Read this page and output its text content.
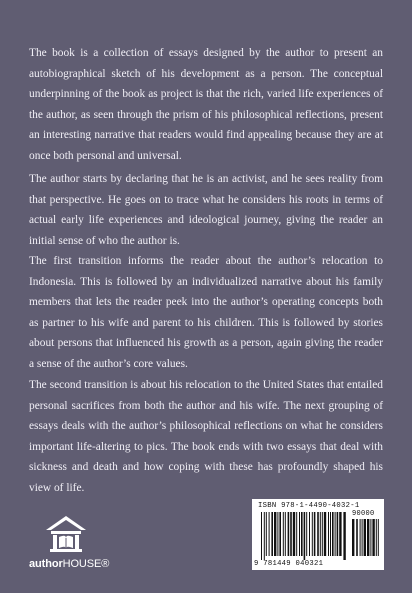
The book is a collection of essays designed by the author to present an autobiographical sketch of his development as a person. The conceptual underpinning of the book as project is that the rich, varied life experiences of the author, as seen through the prism of his philosophical reflections, present an interesting narrative that readers would find appealing because they are at once both personal and universal.

The author starts by declaring that he is an activist, and he sees reality from that perspective. He goes on to trace what he considers his roots in terms of actual early life experiences and ideological journey, giving the reader an initial sense of who the author is.

The first transition informs the reader about the author’s relocation to Indonesia. This is followed by an individualized narrative about his family members that lets the reader peek into the author’s operating concepts both as partner to his wife and parent to his children. This is followed by stories about persons that influenced his growth as a person, again giving the reader a sense of the author’s core values.

The second transition is about his relocation to the United States that entailed personal sacrifices from both the author and his wife. The next grouping of essays deals with the author’s philosophical reflections on what he considers important life-altering to pics. The book ends with two essays that deal with sickness and death and how coping with these has profoundly shaped his view of life.

authorHOUSE®
ISBN 978-1-4490-4032-1
90000
9 781449 040321
